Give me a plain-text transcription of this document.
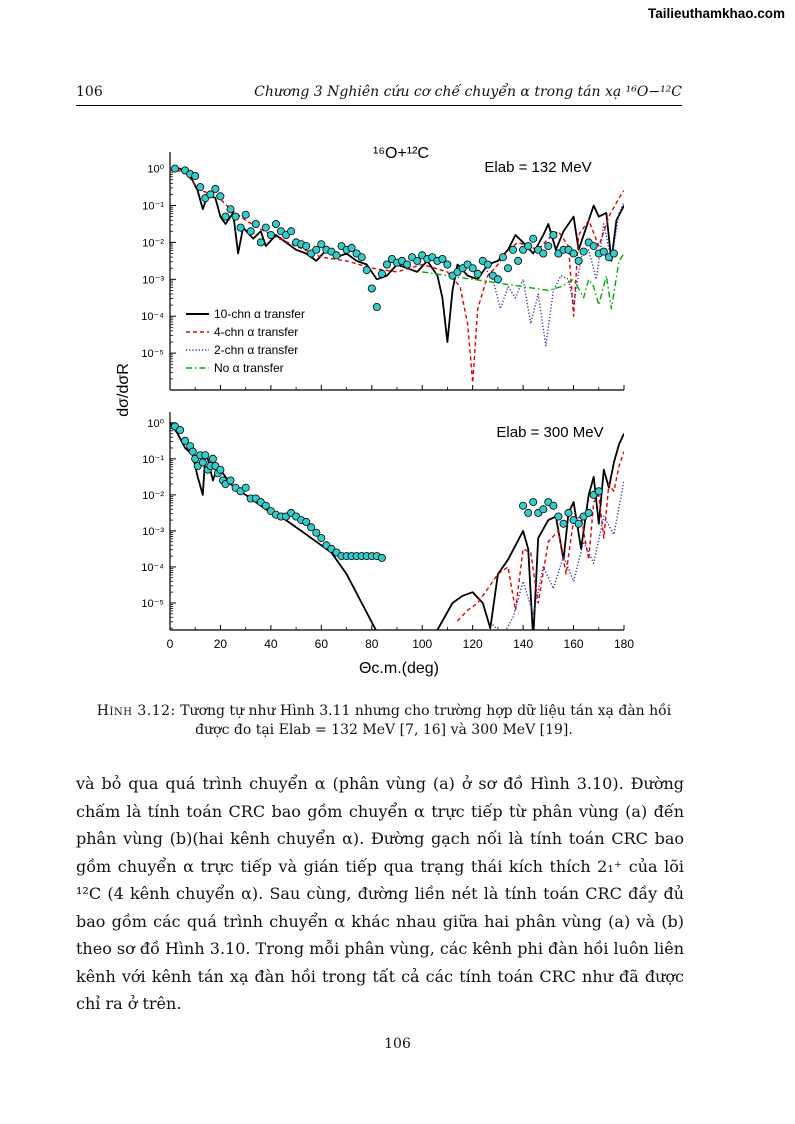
Tailieuthamkhao.com
106	Chương 3 Nghiên cứu cơ chế chuyển α trong tán xạ ¹⁶O−¹²C
10⁰
10⁻¹
10⁻²
10⁻³
10⁻⁴
10⁻⁵
10⁰
10⁻¹
10⁻²
10⁻³
10⁻⁴
10⁻⁵
0	20	40	60	80	100	120	140	160	180
¹⁶O+¹²C
Elab = 132 MeV
Elab = 300 MeV
dσ/dσR
Θc.m.(deg)
10-chn α transfer
4-chn α transfer
2-chn α transfer
No α transfer
Hình 3.12: Tương tự như Hình 3.11 nhưng cho trường hợp dữ liệu tán xạ đàn hồi được đo tại Elab = 132 MeV [7, 16] và 300 MeV [19].

và bỏ qua quá trình chuyển α (phân vùng (a) ở sơ đồ Hình 3.10). Đường chấm là tính toán CRC bao gồm chuyển α trực tiếp từ phân vùng (a) đến phân vùng (b)(hai kênh chuyển α). Đường gạch nối là tính toán CRC bao gồm chuyển α trực tiếp và gián tiếp qua trạng thái kích thích 2₁⁺ của lõi ¹²C (4 kênh chuyển α). Sau cùng, đường liền nét là tính toán CRC đầy đủ bao gồm các quá trình chuyển α khác nhau giữa hai phân vùng (a) và (b) theo sơ đồ Hình 3.10. Trong mỗi phân vùng, các kênh phi đàn hồi luôn liên kênh với kênh tán xạ đàn hồi trong tất cả các tính toán CRC như đã được chỉ ra ở trên.

106
